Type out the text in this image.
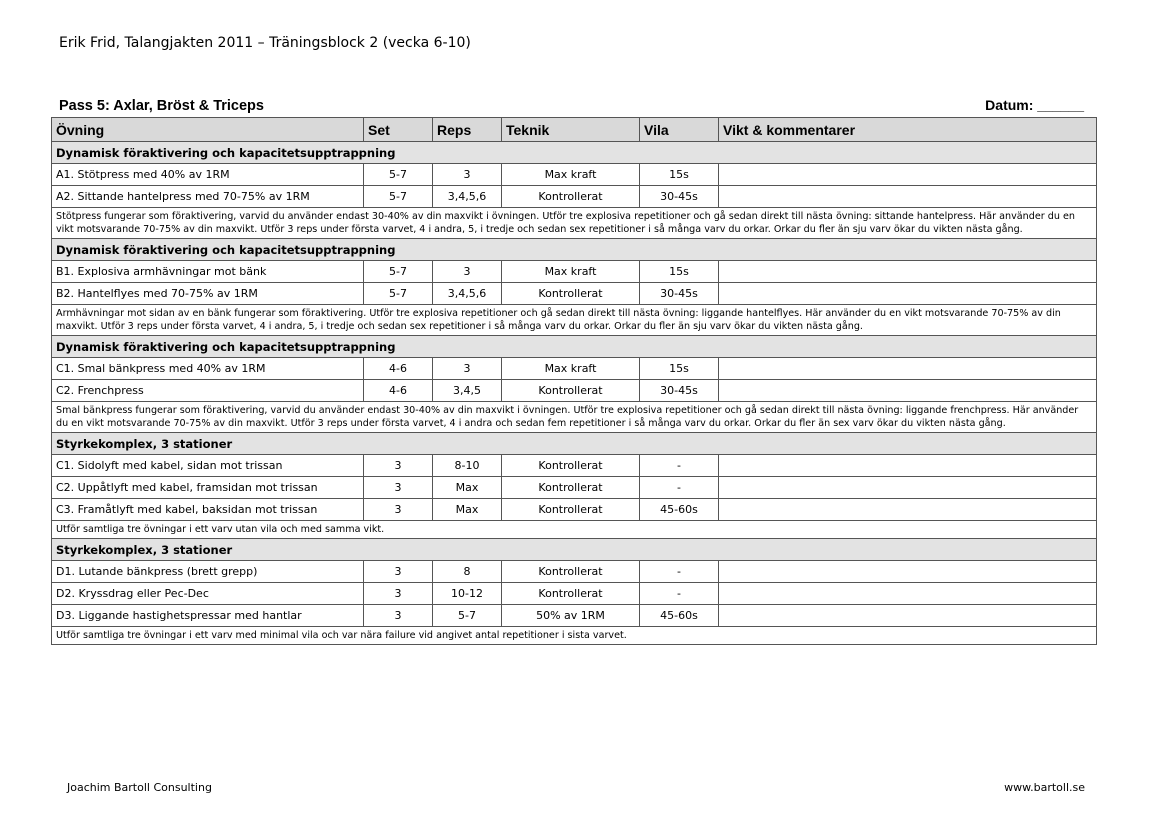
Erik Frid, Talangjakten 2011 – Träningsblock 2 (vecka 6-10)
Pass 5: Axlar, Bröst & Triceps	Datum: ______
Övning	Set	Reps	Teknik	Vila	Vikt & kommentarer
Dynamisk föraktivering och kapacitetsupptrappning					
A1. Stötpress med 40% av 1RM	5-7	3	Max kraft	15s	
A2. Sittande hantelpress med 70-75% av 1RM	5-7	3,4,5,6	Kontrollerat	30-45s	
Stötpress fungerar som föraktivering, varvid du använder endast 30-40% av din maxvikt i övningen. Utför tre explosiva repetitioner och gå sedan direkt till nästa övning: sittande hantelpress. Här använder du en vikt motsvarande 70-75% av din maxvikt. Utför 3 reps under första varvet, 4 i andra, 5, i tredje och sedan sex repetitioner i så många varv du orkar. Orkar du fler än sju varv ökar du vikten nästa gång.					
Dynamisk föraktivering och kapacitetsupptrappning					
B1. Explosiva armhävningar mot bänk	5-7	3	Max kraft	15s	
B2. Hantelflyes med 70-75% av 1RM	5-7	3,4,5,6	Kontrollerat	30-45s	
Armhävningar mot sidan av en bänk fungerar som föraktivering. Utför tre explosiva repetitioner och gå sedan direkt till nästa övning: liggande hantelflyes. Här använder du en vikt motsvarande 70-75% av din maxvikt. Utför 3 reps under första varvet, 4 i andra, 5, i tredje och sedan sex repetitioner i så många varv du orkar. Orkar du fler än sju varv ökar du vikten nästa gång.					
Dynamisk föraktivering och kapacitetsupptrappning					
C1. Smal bänkpress med 40% av 1RM	4-6	3	Max kraft	15s	
C2. Frenchpress	4-6	3,4,5	Kontrollerat	30-45s	
Smal bänkpress fungerar som föraktivering, varvid du använder endast 30-40% av din maxvikt i övningen. Utför tre explosiva repetitioner och gå sedan direkt till nästa övning: liggande frenchpress. Här använder du en vikt motsvarande 70-75% av din maxvikt. Utför 3 reps under första varvet, 4 i andra och sedan fem repetitioner i så många varv du orkar. Orkar du fler än sex varv ökar du vikten nästa gång.					
Styrkekomplex, 3 stationer					
C1. Sidolyft med kabel, sidan mot trissan	3	8-10	Kontrollerat	-	
C2. Uppåtlyft med kabel, framsidan mot trissan	3	Max	Kontrollerat	-	
C3. Framåtlyft med kabel, baksidan mot trissan	3	Max	Kontrollerat	45-60s	
Utför samtliga tre övningar i ett varv utan vila och med samma vikt.					
Styrkekomplex, 3 stationer					
D1. Lutande bänkpress (brett grepp)	3	8	Kontrollerat	-	
D2. Kryssdrag eller Pec-Dec	3	10-12	Kontrollerat	-	
D3. Liggande hastighetspressar med hantlar	3	5-7	50% av 1RM	45-60s	
Utför samtliga tre övningar i ett varv med minimal vila och var nära failure vid angivet antal repetitioner i sista varvet.					
Joachim Bartoll Consulting	www.bartoll.se
